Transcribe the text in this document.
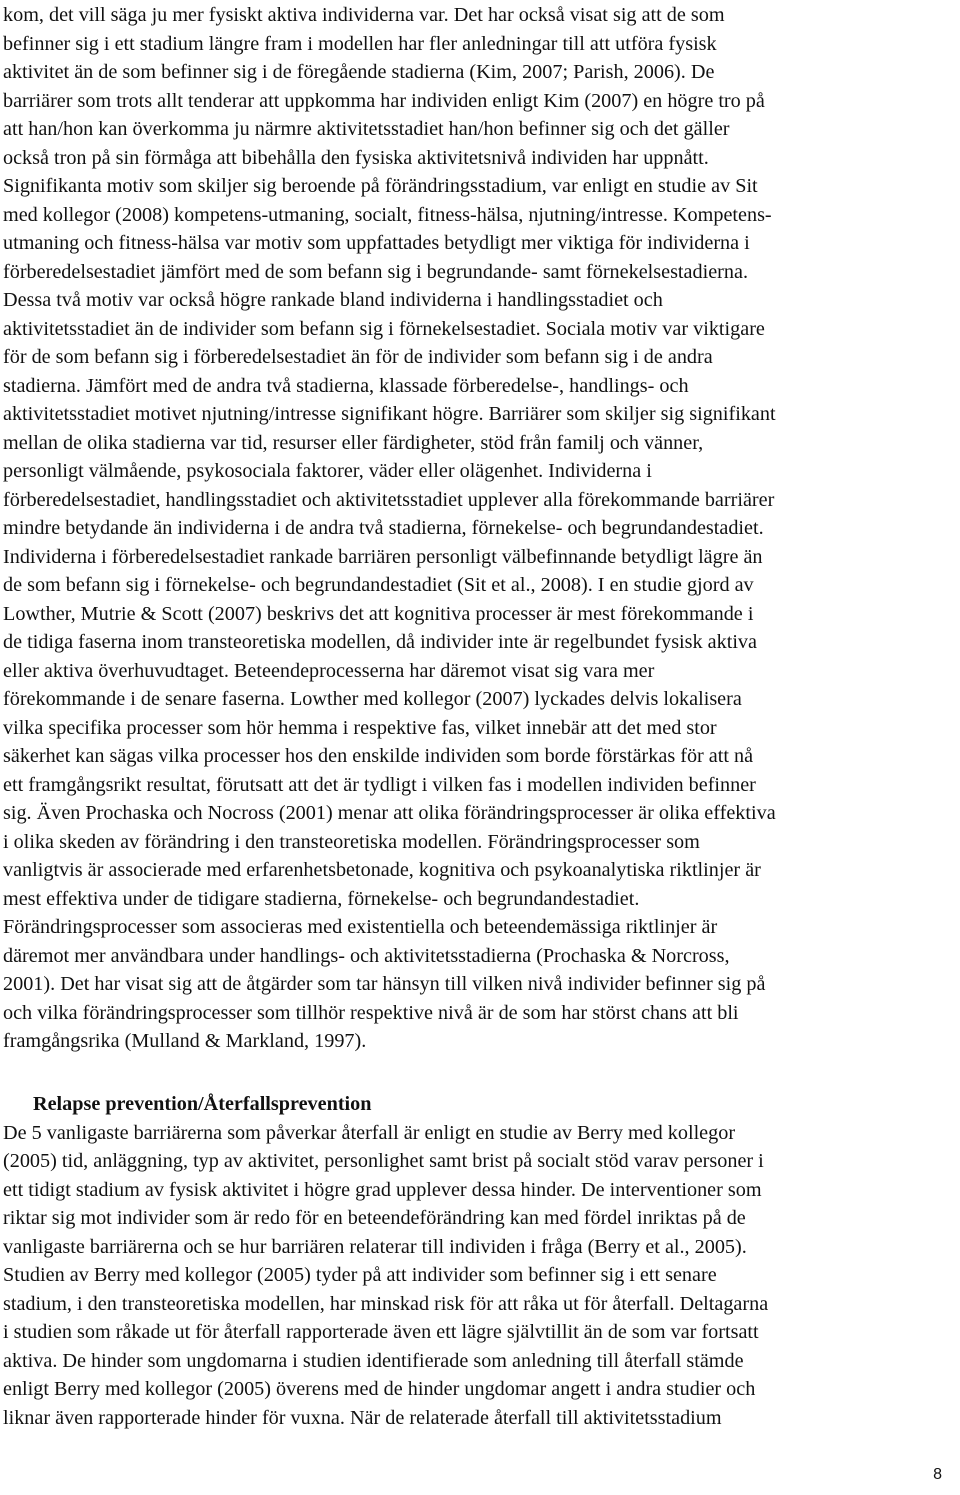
kom, det vill säga ju mer fysiskt aktiva individerna var. Det har också visat sig att de som
befinner sig i ett stadium längre fram i modellen har fler anledningar till att utföra fysisk
aktivitet än de som befinner sig i de föregående stadierna (Kim, 2007; Parish, 2006). De
barriärer som trots allt tenderar att uppkomma har individen enligt Kim (2007) en högre tro på
att han/hon kan överkomma ju närmre aktivitetsstadiet han/hon befinner sig och det gäller
också tron på sin förmåga att bibehålla den fysiska aktivitetsnivå individen har uppnått.
Signifikanta motiv som skiljer sig beroende på förändringsstadium, var enligt en studie av Sit
med kollegor (2008) kompetens-utmaning, socialt, fitness-hälsa, njutning/intresse. Kompetens-
utmaning och fitness-hälsa var motiv som uppfattades betydligt mer viktiga för individerna i
förberedelsestadiet jämfört med de som befann sig i begrundande- samt förnekelsestadierna.
Dessa två motiv var också högre rankade bland individerna i handlingsstadiet och
aktivitetsstadiet än de individer som befann sig i förnekelsestadiet. Sociala motiv var viktigare
för de som befann sig i förberedelsestadiet än för de individer som befann sig i de andra
stadierna. Jämfört med de andra två stadierna, klassade förberedelse-, handlings- och
aktivitetsstadiet motivet njutning/intresse signifikant högre. Barriärer som skiljer sig signifikant
mellan de olika stadierna var tid, resurser eller färdigheter, stöd från familj och vänner,
personligt välmående, psykosociala faktorer, väder eller olägenhet. Individerna i
förberedelsestadiet, handlingsstadiet och aktivitetsstadiet upplever alla förekommande barriärer
mindre betydande än individerna i de andra två stadierna, förnekelse- och begrundandestadiet.
Individerna i förberedelsestadiet rankade barriären personligt välbefinnande betydligt lägre än
de som befann sig i förnekelse- och begrundandestadiet (Sit et al., 2008). I en studie gjord av
Lowther, Mutrie & Scott (2007) beskrivs det att kognitiva processer är mest förekommande i
de tidiga faserna inom transteoretiska modellen, då individer inte är regelbundet fysisk aktiva
eller aktiva överhuvudtaget. Beteendeprocesserna har däremot visat sig vara mer
förekommande i de senare faserna. Lowther med kollegor (2007) lyckades delvis lokalisera
vilka specifika processer som hör hemma i respektive fas, vilket innebär att det med stor
säkerhet kan sägas vilka processer hos den enskilde individen som borde förstärkas för att nå
ett framgångsrikt resultat, förutsatt att det är tydligt i vilken fas i modellen individen befinner
sig. Även Prochaska och Nocross (2001) menar att olika förändringsprocesser är olika effektiva
i olika skeden av förändring i den transteoretiska modellen. Förändringsprocesser som
vanligtvis är associerade med erfarenhetsbetonade, kognitiva och psykoanalytiska riktlinjer är
mest effektiva under de tidigare stadierna, förnekelse- och begrundandestadiet.
Förändringsprocesser som associeras med existentiella och beteendemässiga riktlinjer är
däremot mer användbara under handlings- och aktivitetsstadierna (Prochaska & Norcross,
2001). Det har visat sig att de åtgärder som tar hänsyn till vilken nivå individer befinner sig på
och vilka förändringsprocesser som tillhör respektive nivå är de som har störst chans att bli
framgångsrika (Mulland & Markland, 1997).
Relapse prevention/Återfallsprevention
De 5 vanligaste barriärerna som påverkar återfall är enligt en studie av Berry med kollegor
(2005) tid, anläggning, typ av aktivitet, personlighet samt brist på socialt stöd varav personer i
ett tidigt stadium av fysisk aktivitet i högre grad upplever dessa hinder. De interventioner som
riktar sig mot individer som är redo för en beteendeförändring kan med fördel inriktas på de
vanligaste barriärerna och se hur barriären relaterar till individen i fråga (Berry et al., 2005).
Studien av Berry med kollegor (2005) tyder på att individer som befinner sig i ett senare
stadium, i den transteoretiska modellen, har minskad risk för att råka ut för återfall. Deltagarna
i studien som råkade ut för återfall rapporterade även ett lägre självtillit än de som var fortsatt
aktiva. De hinder som ungdomarna i studien identifierade som anledning till återfall stämde
enligt Berry med kollegor (2005) överens med de hinder ungdomar angett i andra studier och
liknar även rapporterade hinder för vuxna. När de relaterade återfall till aktivitetsstadium
8
